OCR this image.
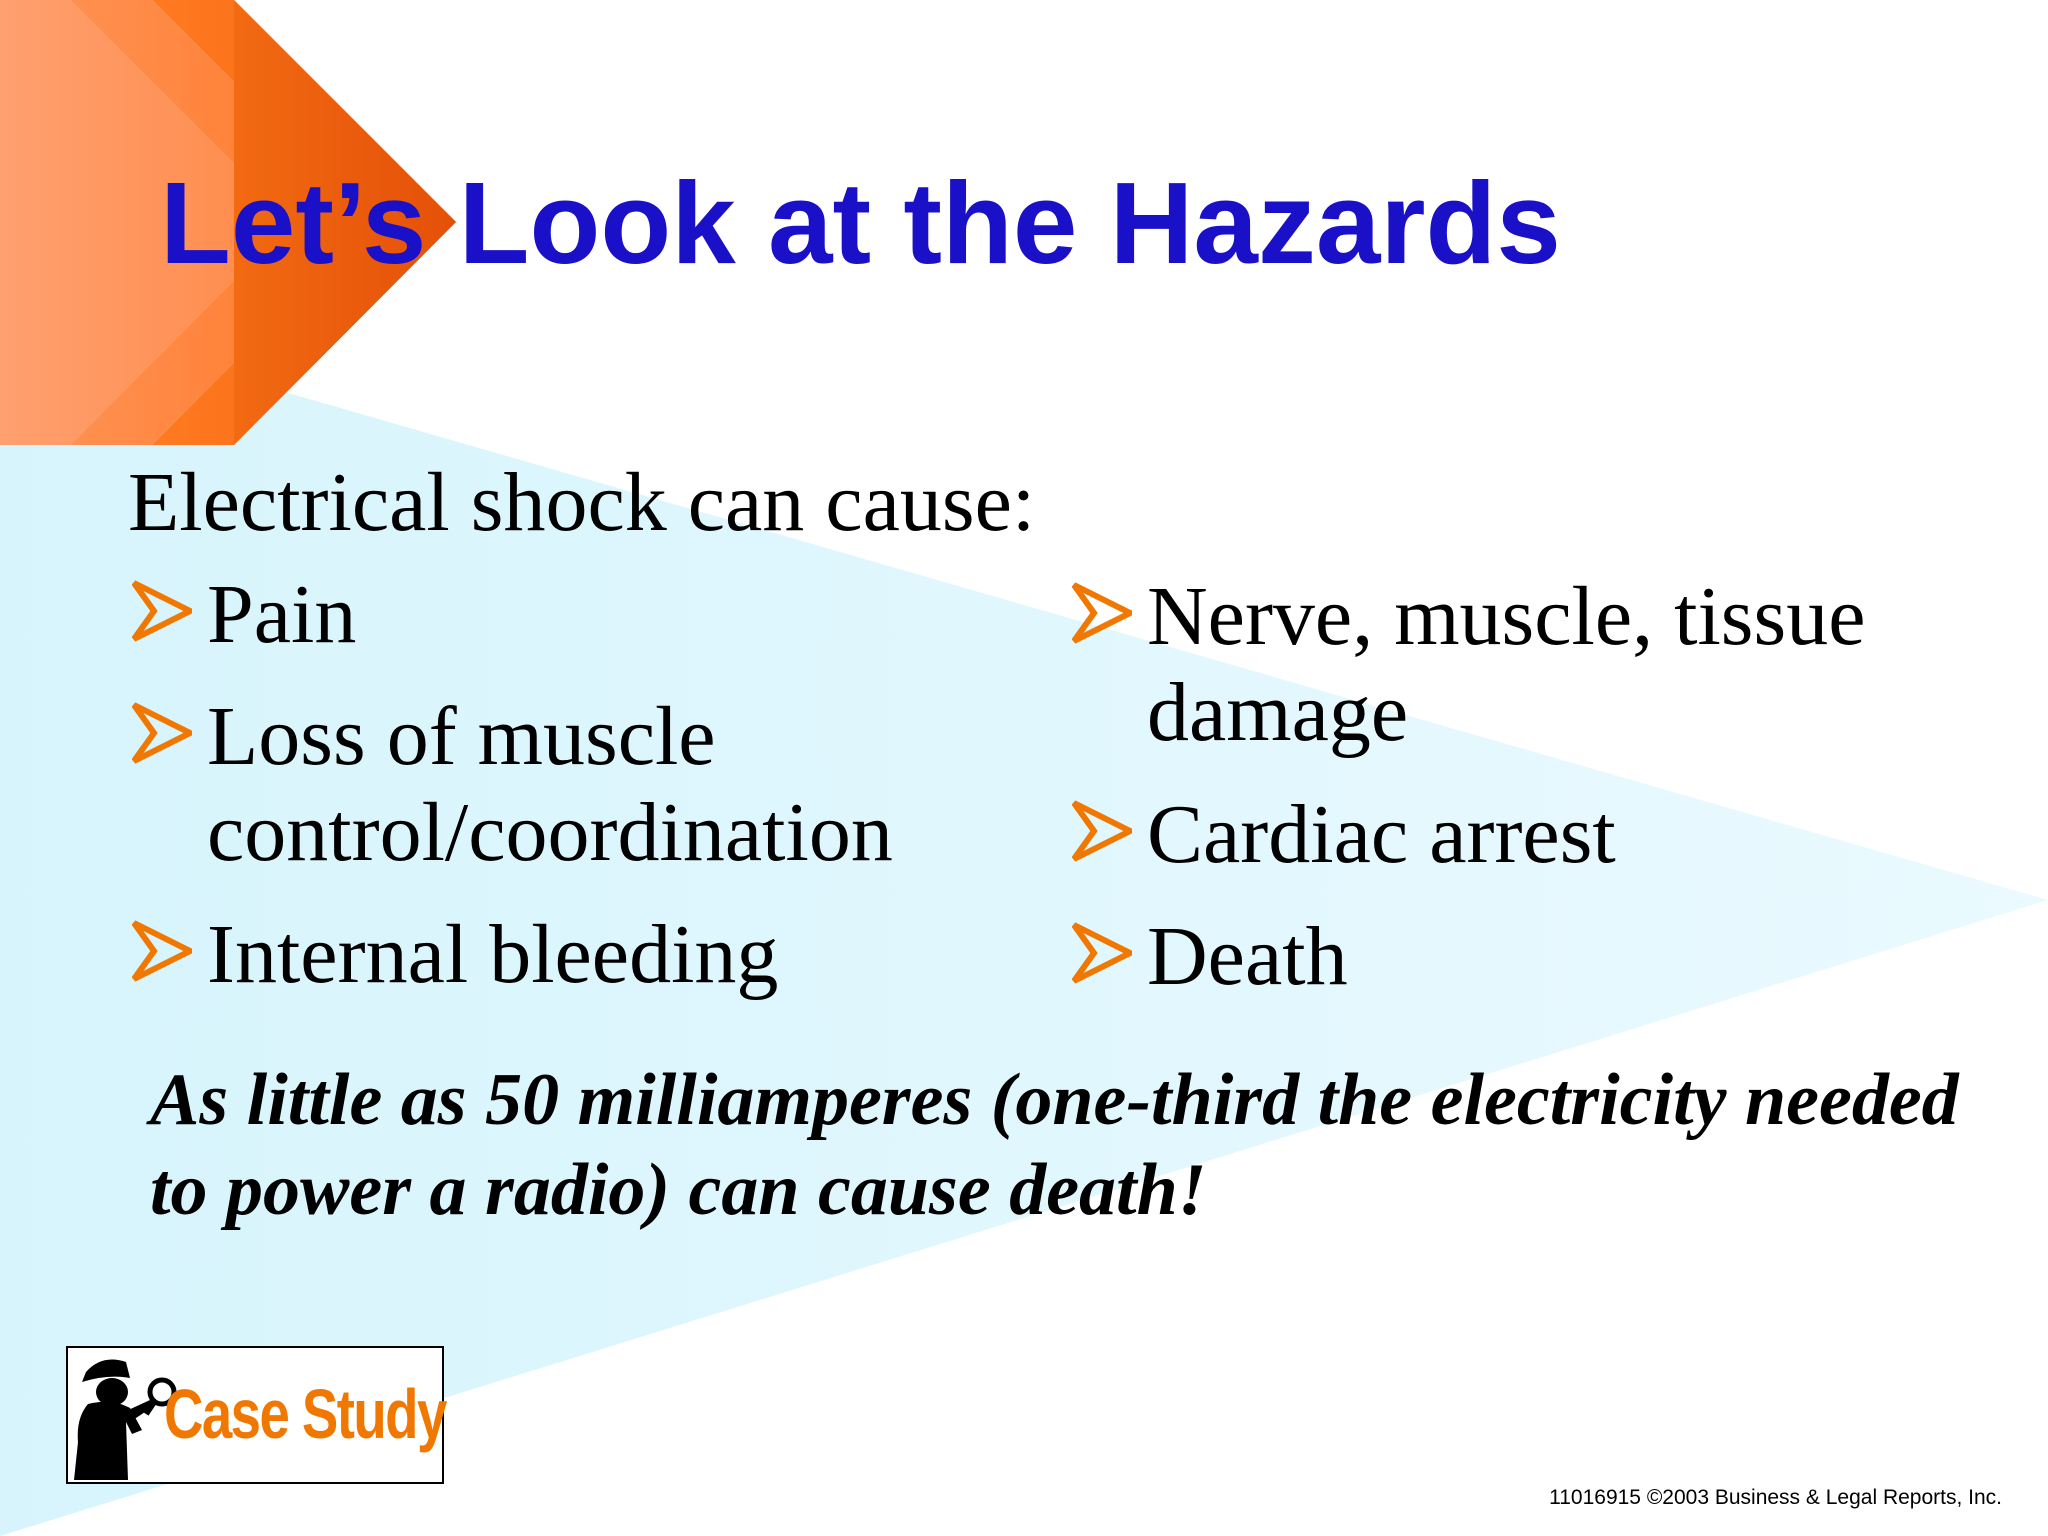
Let’s Look at the Hazards
Electrical shock can cause:
Pain
Loss of muscle control/coordination
Internal bleeding
Nerve, muscle, tissue damage
Cardiac arrest
Death

As little as 50 milliamperes (one-third the electricity needed to power a radio) can cause death!

Case Study
11016915 ©2003 Business & Legal Reports, Inc.
